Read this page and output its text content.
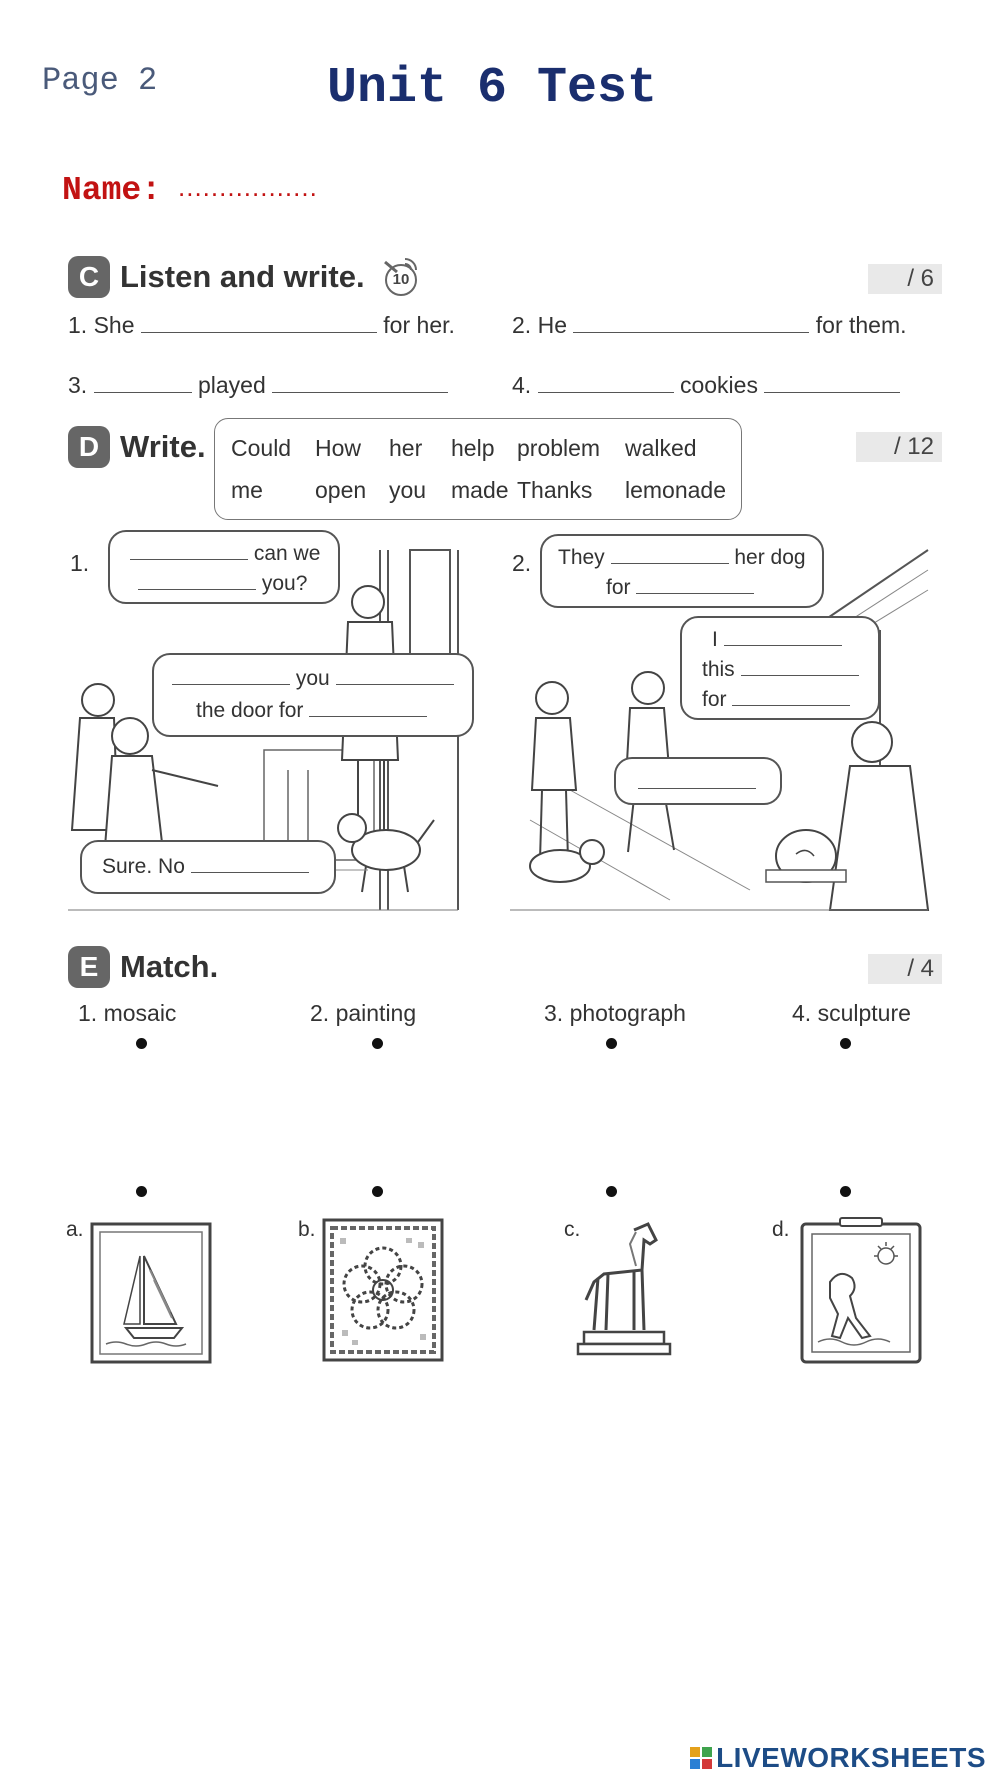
Page 2	Unit 6 Test
Name: .................
C Listen and write. 10	/ 6
1. She	for her. 2. He	for them.
3.	played	4.	cookies
D Write.	/ 12
Could How her help problem walked
me open you made Thanks lemonade
1.	can we
you?
you
the door for
Sure. No
2. They	her dog
for
I
this
for
E Match.	/ 4
1. mosaic	2. painting	3. photograph	4. sculpture
a.	b.	c.	d.
LIVEWORKSHEETS
